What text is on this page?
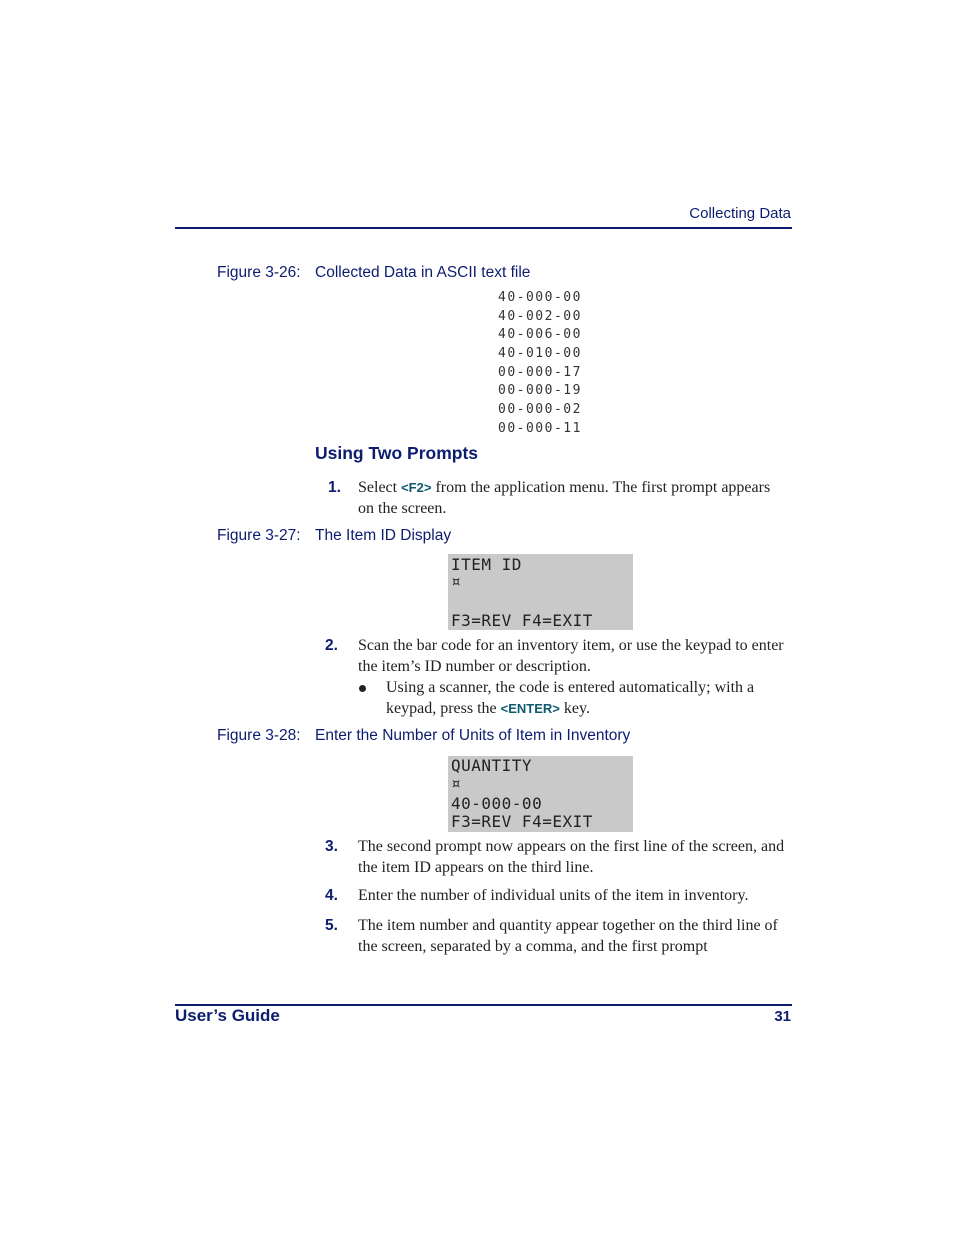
Collecting Data
Figure 3-26: Collected Data in ASCII text file
40-000-00
40-002-00
40-006-00
40-010-00
00-000-17
00-000-19
00-000-02
00-000-11
Using Two Prompts
1. Select <F2> from the application menu. The first prompt appears on the screen.
Figure 3-27: The Item ID Display
ITEM ID
¤
F3=REV F4=EXIT
2. Scan the bar code for an inventory item, or use the keypad to enter the item’s ID number or description.
Using a scanner, the code is entered automatically; with a keypad, press the <ENTER> key.
Figure 3-28: Enter the Number of Units of Item in Inventory
QUANTITY
¤
40-000-00
F3=REV F4=EXIT
3. The second prompt now appears on the first line of the screen, and the item ID appears on the third line.
4. Enter the number of individual units of the item in inventory.
5. The item number and quantity appear together on the third line of the screen, separated by a comma, and the first prompt
User’s Guide	31
